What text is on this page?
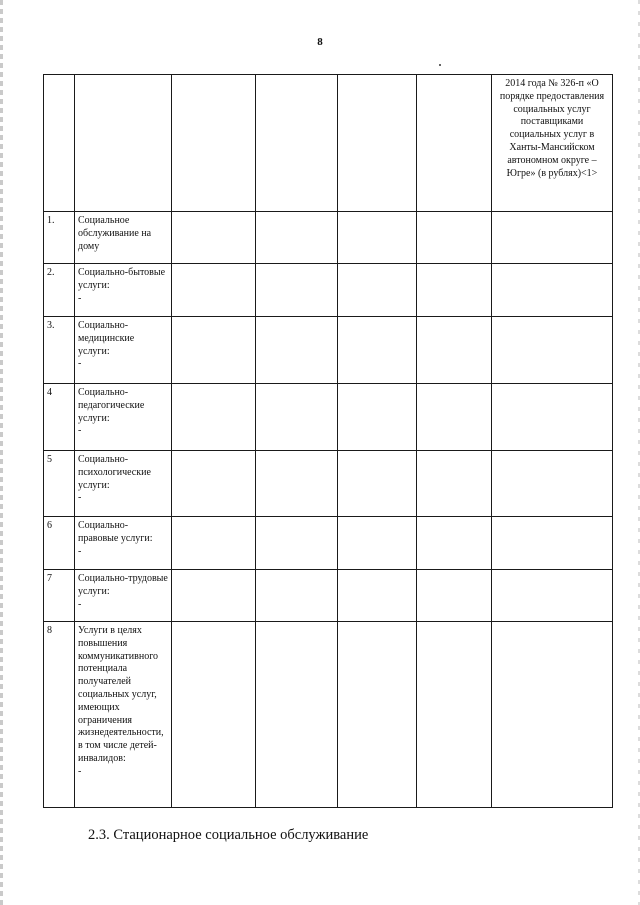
8
						2014 года № 326-п «О порядке предоставления социальных услуг поставщиками социальных услуг в Ханты-Мансийском автономном округе – Югре» (в рублях)<1>
1.	Социальное обслуживание на дому

2.	Социально-бытовые услуги:
-					

3.	Социально-медицинские услуги:
-					

4	Социально-педагогические услуги:
-					

5	Социально-психологические услуги:
-					

6	Социально-правовые услуги:
-					

7	Социально-трудовые услуги:
-					

8	Услуги в целях повышения коммуникативного потенциала получателей социальных услуг, имеющих ограничения жизнедеятельности, в том числе детей-инвалидов:
-					

2.3. Стационарное социальное обслуживание
